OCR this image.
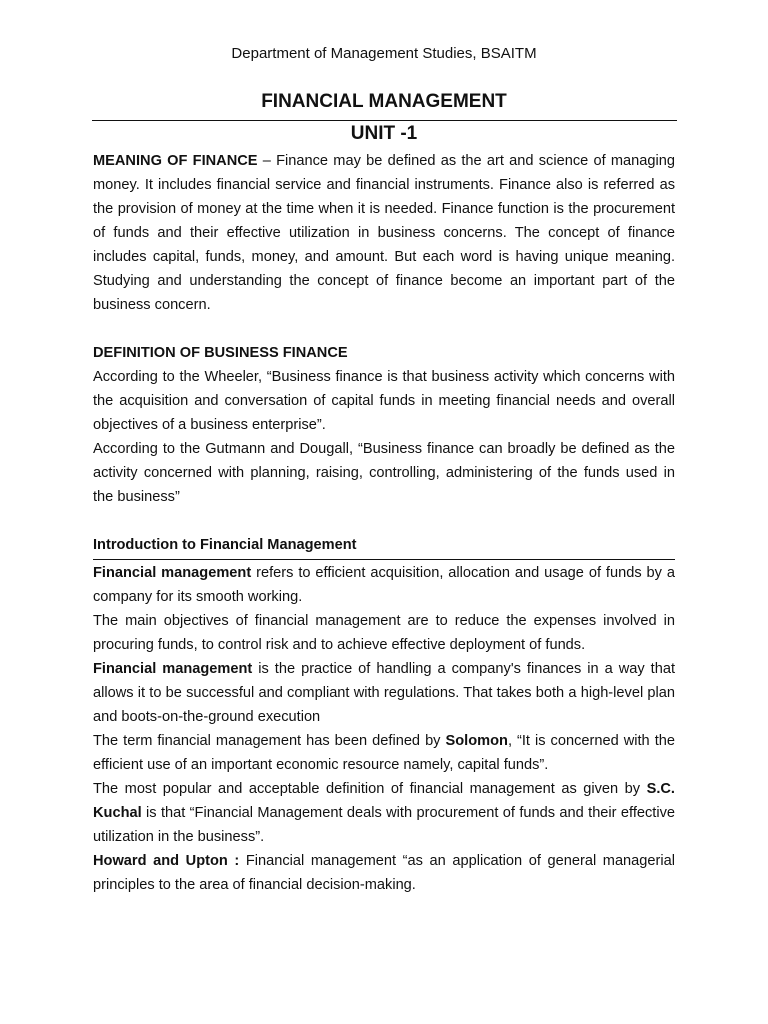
Department of Management Studies, BSAITM
FINANCIAL MANAGEMENT
UNIT -1

MEANING OF FINANCE – Finance may be defined as the art and science of managing money. It includes financial service and financial instruments. Finance also is referred as the provision of money at the time when it is needed. Finance function is the procurement of funds and their effective utilization in business concerns. The concept of finance includes capital, funds, money, and amount. But each word is having unique meaning. Studying and understanding the concept of finance become an important part of the business concern.

DEFINITION OF BUSINESS FINANCE

According to the Wheeler, “Business finance is that business activity which concerns with the acquisition and conversation of capital funds in meeting financial needs and overall objectives of a business enterprise”.

According to the Gutmann and Dougall, “Business finance can broadly be defined as the activity concerned with planning, raising, controlling, administering of the funds used in the business”

Introduction to Financial Management

Financial management refers to efficient acquisition, allocation and usage of funds by a company for its smooth working.

The main objectives of financial management are to reduce the expenses involved in procuring funds, to control risk and to achieve effective deployment of funds.

Financial management is the practice of handling a company's finances in a way that allows it to be successful and compliant with regulations. That takes both a high-level plan and boots-on-the-ground execution

The term financial management has been defined by Solomon, “It is concerned with the efficient use of an important economic resource namely, capital funds”.

The most popular and acceptable definition of financial management as given by S.C. Kuchal is that “Financial Management deals with procurement of funds and their effective utilization in the business”.

Howard and Upton : Financial management “as an application of general managerial principles to the area of financial decision-making.
